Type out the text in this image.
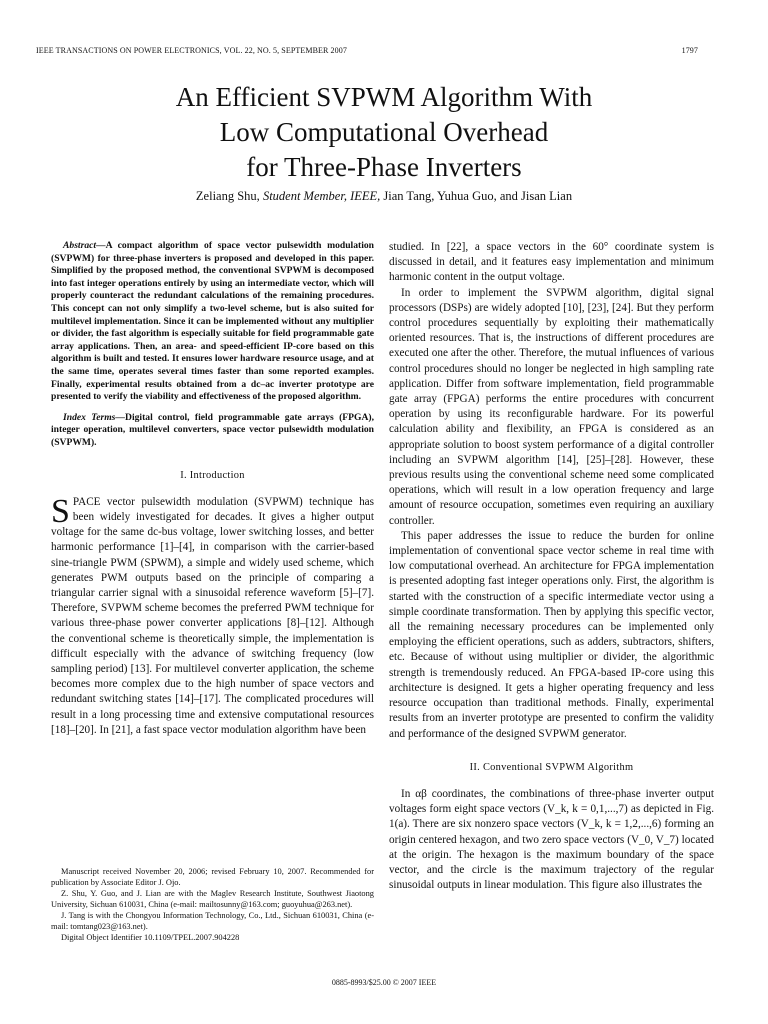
IEEE TRANSACTIONS ON POWER ELECTRONICS, VOL. 22, NO. 5, SEPTEMBER 2007	1797
An Efficient SVPWM Algorithm With
Low Computational Overhead
for Three-Phase Inverters
Zeliang Shu, Student Member, IEEE, Jian Tang, Yuhua Guo, and Jisan Lian

Abstract—A compact algorithm of space vector pulsewidth modulation (SVPWM) for three-phase inverters is proposed and developed in this paper. Simplified by the proposed method, the conventional SVPWM is decomposed into fast integer operations entirely by using an intermediate vector, which will properly counteract the redundant calculations of the remaining procedures. This concept can not only simplify a two-level scheme, but is also suited for multilevel implementation. Since it can be implemented without any multiplier or divider, the fast algorithm is especially suitable for field programmable gate array applications. Then, an area- and speed-efficient IP-core based on this algorithm is built and tested. It ensures lower hardware resource usage, and at the same time, operates several times faster than some reported examples. Finally, experimental results obtained from a dc–ac inverter prototype are presented to verify the viability and effectiveness of the proposed algorithm.

Index Terms—Digital control, field programmable gate arrays (FPGA), integer operation, multilevel converters, space vector pulsewidth modulation (SVPWM).

I. Introduction

SPACE vector pulsewidth modulation (SVPWM) technique has been widely investigated for decades. It gives a higher output voltage for the same dc-bus voltage, lower switching losses, and better harmonic performance [1]–[4], in comparison with the carrier-based sine-triangle PWM (SPWM), a simple and widely used scheme, which generates PWM outputs based on the principle of comparing a triangular carrier signal with a sinusoidal reference waveform [5]–[7]. Therefore, SVPWM scheme becomes the preferred PWM technique for various three-phase power converter applications [8]–[12]. Although the conventional scheme is theoretically simple, the implementation is difficult especially with the advance of switching frequency (low sampling period) [13]. For multilevel converter application, the scheme becomes more complex due to the high number of space vectors and redundant switching states [14]–[17]. The complicated procedures will result in a long processing time and extensive computational resources [18]–[20]. In [21], a fast space vector modulation algorithm have been

Manuscript received November 20, 2006; revised February 10, 2007. Recommended for publication by Associate Editor J. Ojo.

Z. Shu, Y. Guo, and J. Lian are with the Maglev Research Institute, Southwest Jiaotong University, Sichuan 610031, China (e-mail: mailtosunny@163.com; guoyuhua@263.net).

J. Tang is with the Chongyou Information Technology, Co., Ltd., Sichuan 610031, China (e-mail: tomtang023@163.net).

Digital Object Identifier 10.1109/TPEL.2007.904228

studied. In [22], a space vectors in the 60° coordinate system is discussed in detail, and it features easy implementation and minimum harmonic content in the output voltage.

In order to implement the SVPWM algorithm, digital signal processors (DSPs) are widely adopted [10], [23], [24]. But they perform control procedures sequentially by exploiting their mathematically oriented resources. That is, the instructions of different procedures are executed one after the other. Therefore, the mutual influences of various control procedures should no longer be neglected in high sampling rate application. Differ from software implementation, field programmable gate array (FPGA) performs the entire procedures with concurrent operation by using its reconfigurable hardware. For its powerful calculation ability and flexibility, an FPGA is considered as an appropriate solution to boost system performance of a digital controller including an SVPWM algorithm [14], [25]–[28]. However, these previous results using the conventional scheme need some complicated operations, which will result in a low operation frequency and large amount of resource occupation, sometimes even requiring an auxiliary controller.

This paper addresses the issue to reduce the burden for online implementation of conventional space vector scheme in real time with low computational overhead. An architecture for FPGA implementation is presented adopting fast integer operations only. First, the algorithm is started with the construction of a specific intermediate vector using a simple coordinate transformation. Then by applying this specific vector, all the remaining necessary procedures can be implemented only employing the efficient operations, such as adders, subtractors, shifters, etc. Because of without using multiplier or divider, the algorithmic strength is tremendously reduced. An FPGA-based IP-core using this architecture is designed. It gets a higher operating frequency and less resource occupation than traditional methods. Finally, experimental results from an inverter prototype are presented to confirm the validity and performance of the designed SVPWM generator.

II. Conventional SVPWM Algorithm

In αβ coordinates, the combinations of three-phase inverter output voltages form eight space vectors (V_k, k = 0,1,...,7) as depicted in Fig. 1(a). There are six nonzero space vectors (V_k, k = 1,2,...,6) forming an origin centered hexagon, and two zero space vectors (V_0, V_7) located at the origin. The hexagon is the maximum boundary of the space vector, and the circle is the maximum trajectory of the regular sinusoidal outputs in linear modulation. This figure also illustrates the

0885-8993/$25.00 © 2007 IEEE
